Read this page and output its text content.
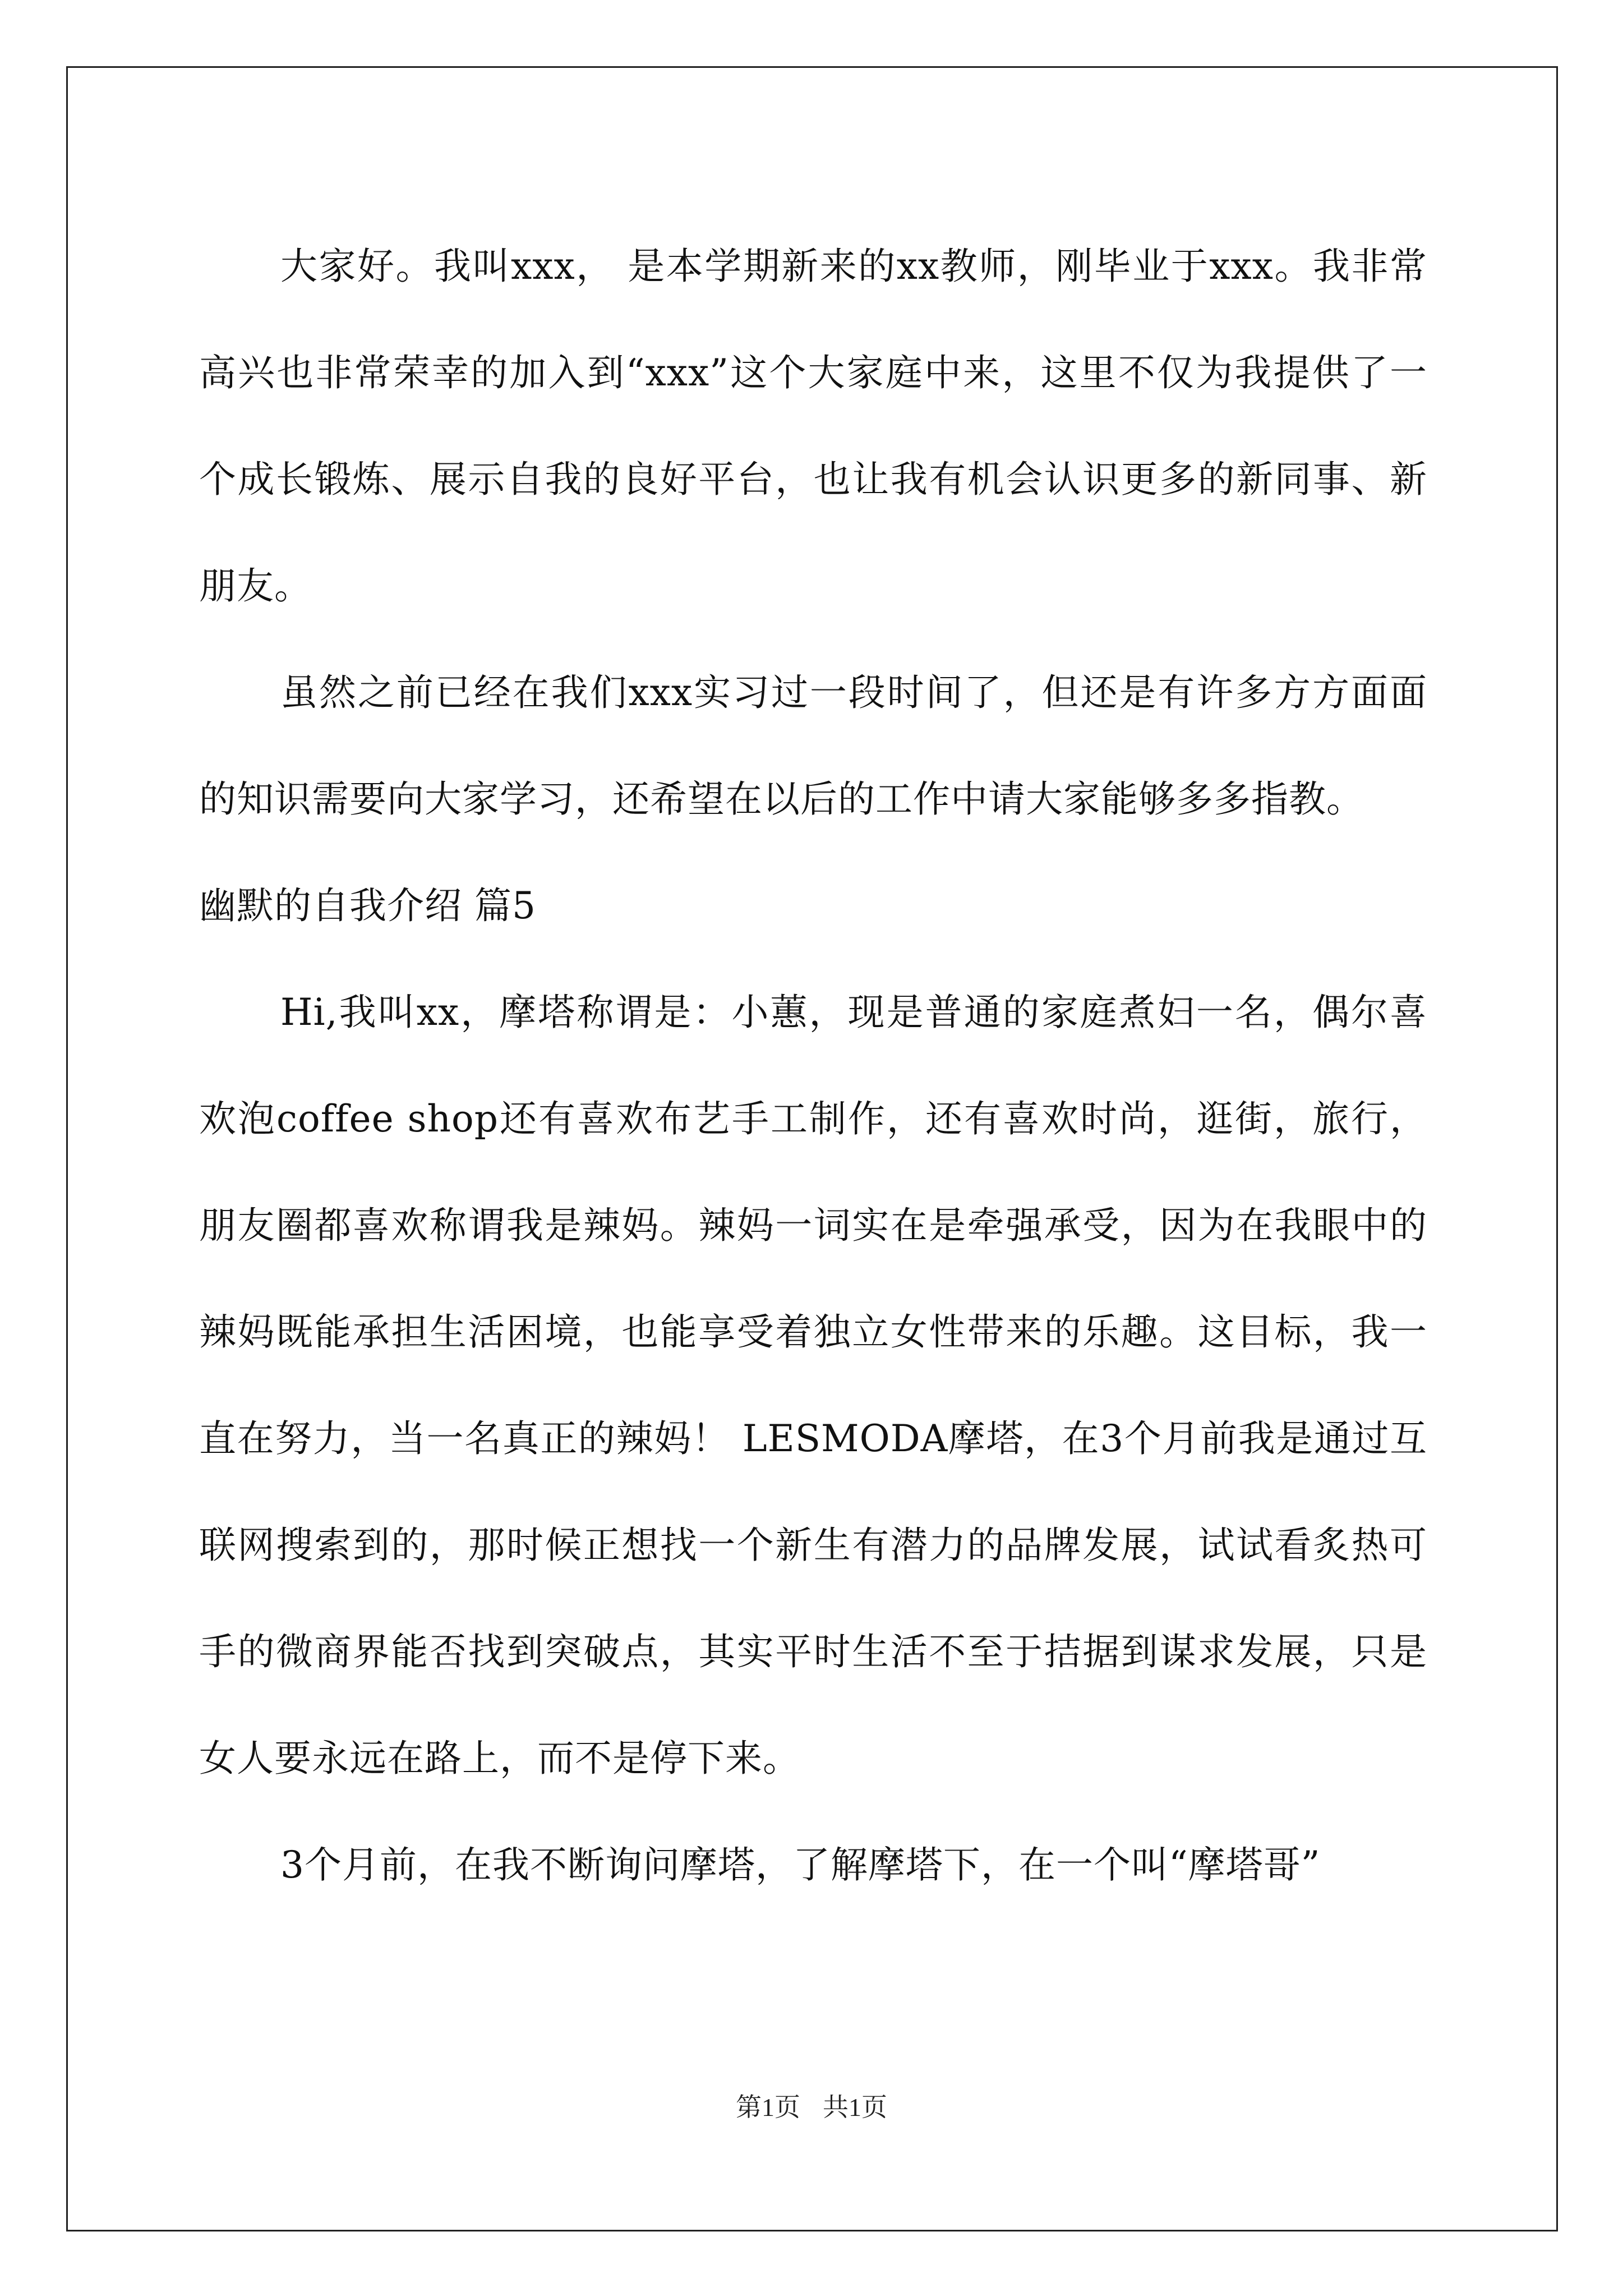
大家好。我叫xxx， 是本学期新来的xx教师，刚毕业于xxx。我非常高兴也非常荣幸的加入到“xxx”这个大家庭中来，这里不仅为我提供了一个成长锻炼、展示自我的良好平台，也让我有机会认识更多的新同事、新朋友。

虽然之前已经在我们xxx实习过一段时间了，但还是有许多方方面面的知识需要向大家学习，还希望在以后的工作中请大家能够多多指教。

幽默的自我介绍 篇5

Hi,我叫xx，摩塔称谓是：小蕙，现是普通的家庭煮妇一名，偶尔喜欢泡coffee shop还有喜欢布艺手工制作，还有喜欢时尚，逛街，旅行，朋友圈都喜欢称谓我是辣妈。辣妈一词实在是牵强承受，因为在我眼中的辣妈既能承担生活困境，也能享受着独立女性带来的乐趣。这目标，我一直在努力，当一名真正的辣妈！ LESMODA摩塔，在3个月前我是通过互联网搜索到的，那时候正想找一个新生有潜力的品牌发展，试试看炙热可手的微商界能否找到突破点，其实平时生活不至于拮据到谋求发展，只是女人要永远在路上，而不是停下来。

3个月前，在我不断询问摩塔，了解摩塔下，在一个叫“摩塔哥”

第1页 共1页
